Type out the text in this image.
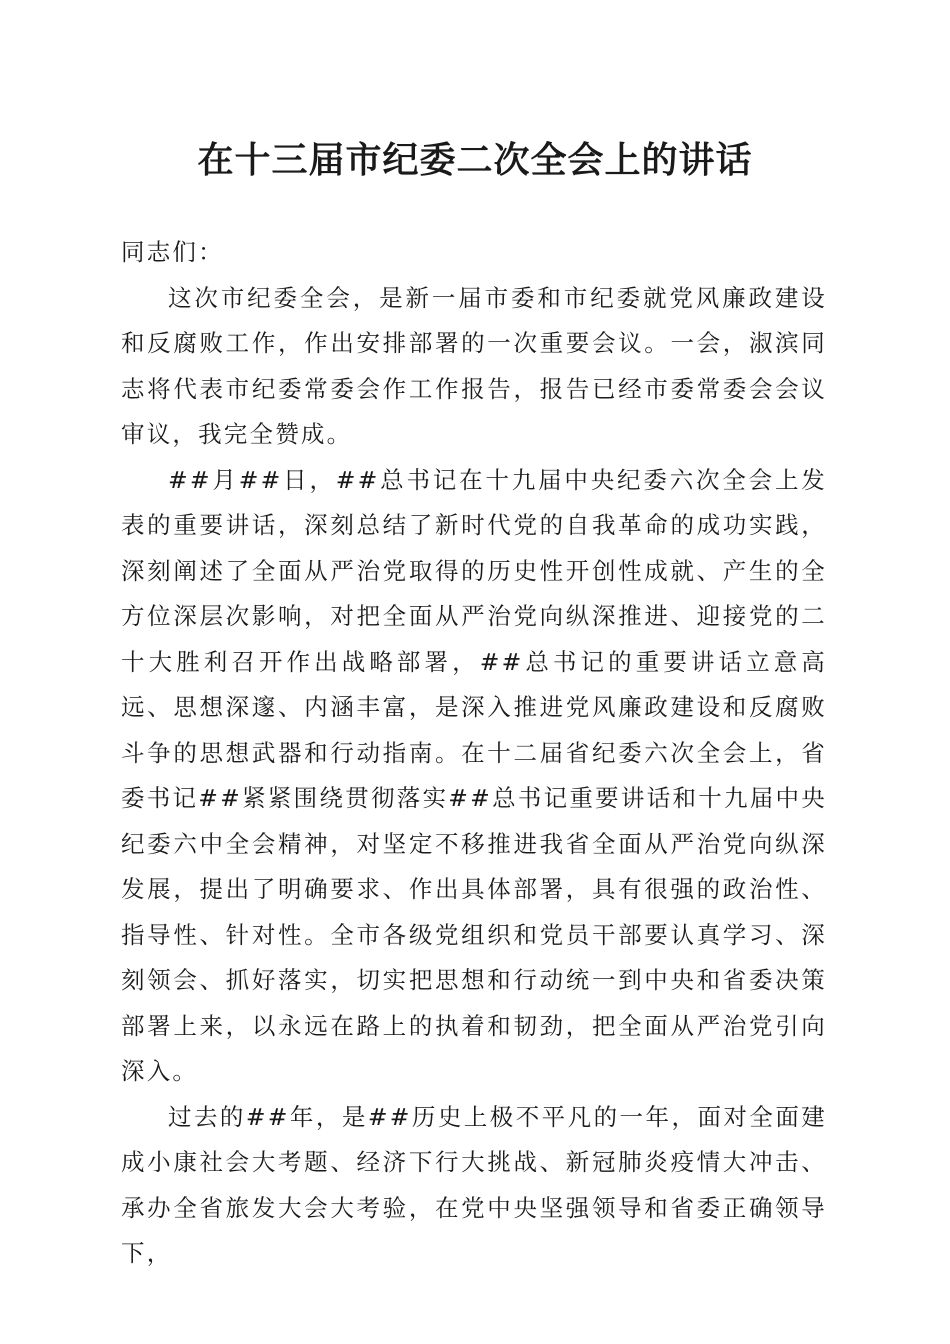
在十三届市纪委二次全会上的讲话

同志们：

这次市纪委全会，是新一届市委和市纪委就党风廉政建设和反腐败工作，作出安排部署的一次重要会议。一会，淑滨同志将代表市纪委常委会作工作报告，报告已经市委常委会会议审议，我完全赞成。

##月##日，##总书记在十九届中央纪委六次全会上发表的重要讲话，深刻总结了新时代党的自我革命的成功实践，深刻阐述了全面从严治党取得的历史性开创性成就、产生的全方位深层次影响，对把全面从严治党向纵深推进、迎接党的二十大胜利召开作出战略部署，##总书记的重要讲话立意高远、思想深邃、内涵丰富，是深入推进党风廉政建设和反腐败斗争的思想武器和行动指南。在十二届省纪委六次全会上，省委书记##紧紧围绕贯彻落实##总书记重要讲话和十九届中央纪委六中全会精神，对坚定不移推进我省全面从严治党向纵深发展，提出了明确要求、作出具体部署，具有很强的政治性、指导性、针对性。全市各级党组织和党员干部要认真学习、深刻领会、抓好落实，切实把思想和行动统一到中央和省委决策部署上来，以永远在路上的执着和韧劲，把全面从严治党引向深入。

过去的##年，是##历史上极不平凡的一年，面对全面建成小康社会大考题、经济下行大挑战、新冠肺炎疫情大冲击、承办全省旅发大会大考验，在党中央坚强领导和省委正确领导下，
